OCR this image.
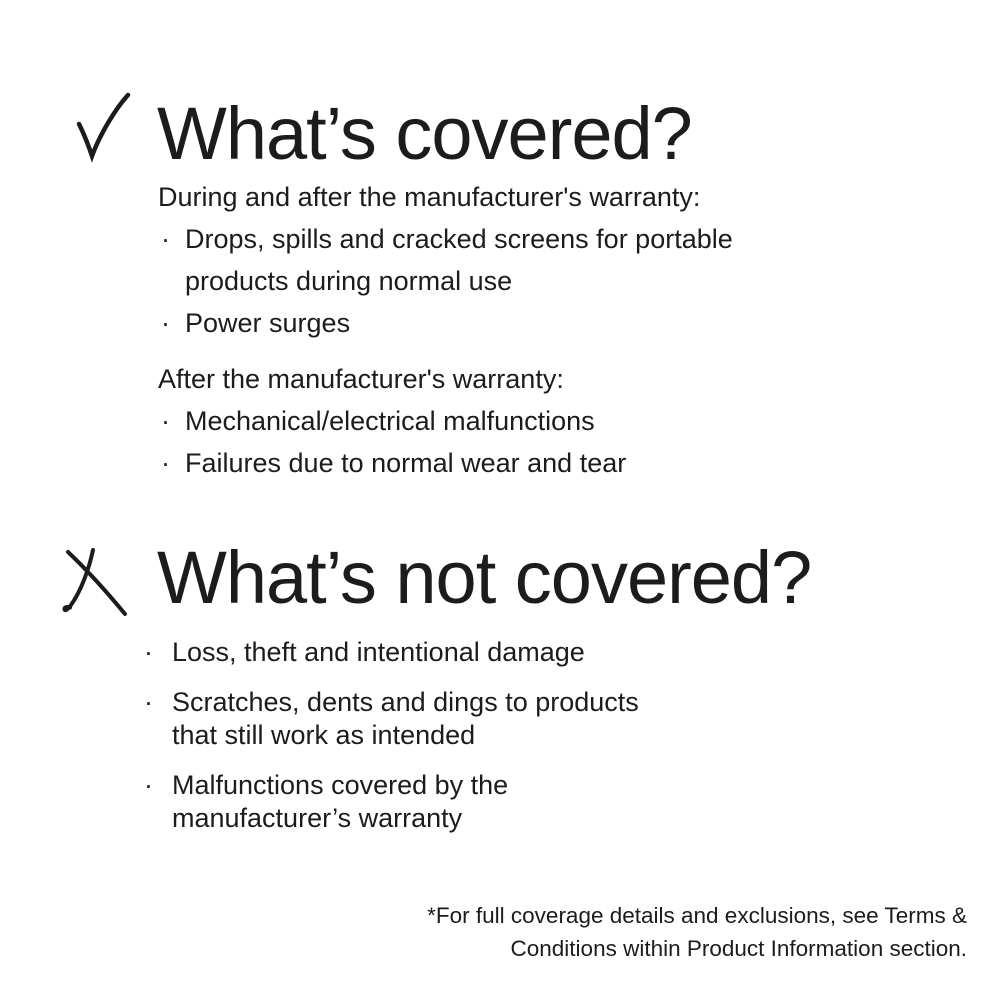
What’s covered?
During and after the manufacturer's warranty:
· Drops, spills and cracked screens for portable
products during normal use
· Power surges
After the manufacturer's warranty:
· Mechanical/electrical malfunctions
· Failures due to normal wear and tear
What’s not covered?
· Loss, theft and intentional damage
· Scratches, dents and dings to products
that still work as intended
· Malfunctions covered by the
manufacturer’s warranty
*For full coverage details and exclusions, see Terms &
Conditions within Product Information section.
